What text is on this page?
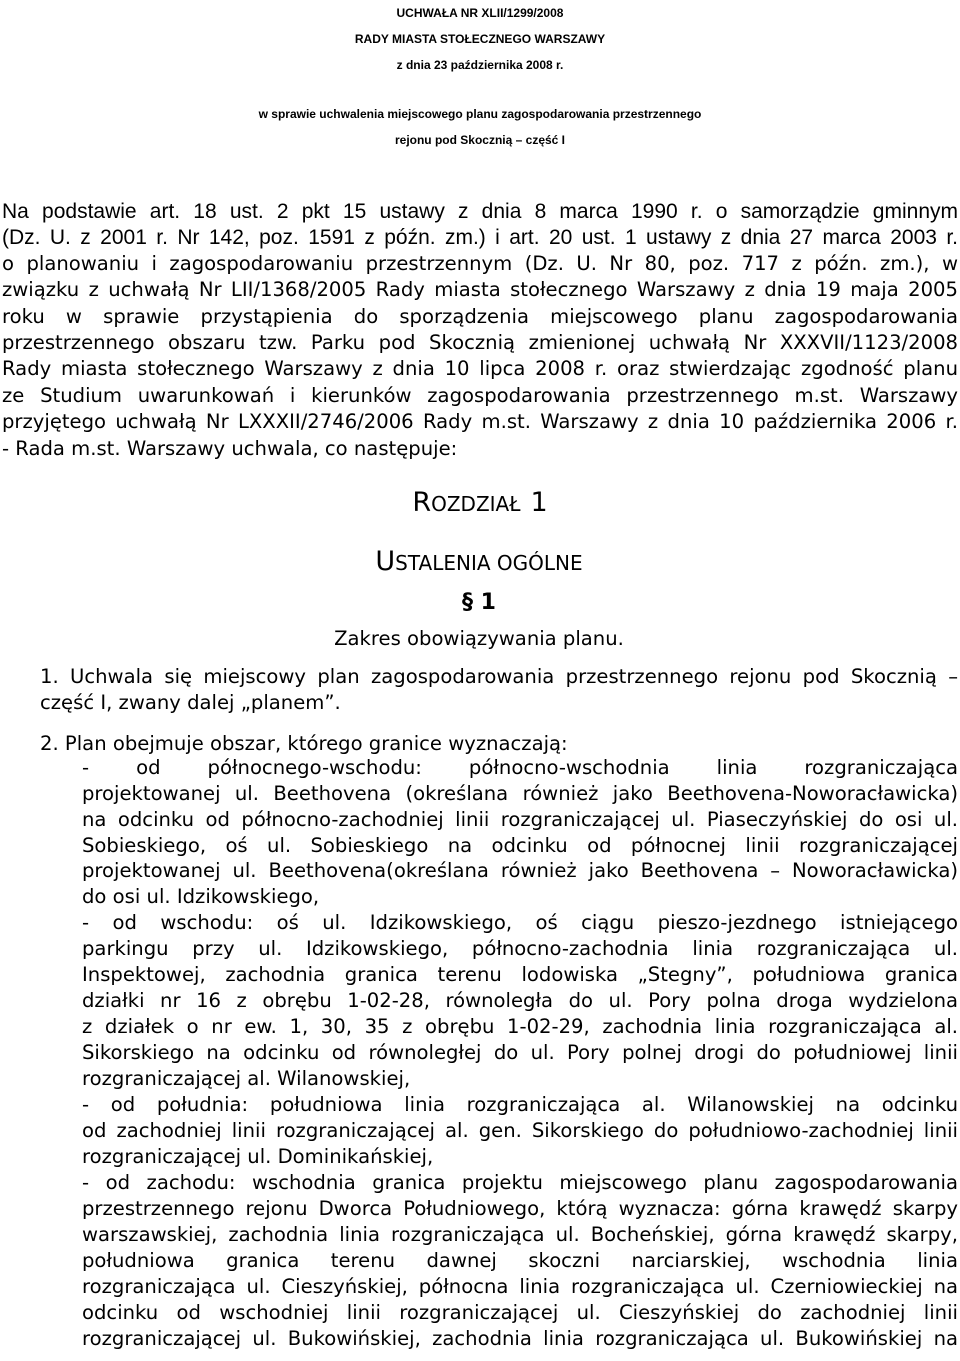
UCHWAŁA NR XLII/1299/2008
RADY MIASTA STOŁECZNEGO WARSZAWY
z dnia 23 października 2008 r.
w sprawie uchwalenia miejscowego planu zagospodarowania przestrzennego
rejonu pod Skocznią – część I
Na podstawie art. 18 ust. 2 pkt 15 ustawy z dnia 8 marca 1990 r. o samorządzie gminnym
(Dz. U. z 2001 r. Nr 142, poz. 1591 z późn. zm.) i art. 20 ust. 1 ustawy z dnia 27 marca 2003 r.
o planowaniu i zagospodarowaniu przestrzennym (Dz. U. Nr 80, poz. 717 z późn. zm.), w
związku z uchwałą Nr LII/1368/2005 Rady miasta stołecznego Warszawy z dnia 19 maja 2005
roku w sprawie przystąpienia do sporządzenia miejscowego planu zagospodarowania
przestrzennego obszaru tzw. Parku pod Skocznią zmienionej uchwałą Nr XXXVII/1123/2008
Rady miasta stołecznego Warszawy z dnia 10 lipca 2008 r. oraz stwierdzając zgodność planu
ze Studium uwarunkowań i kierunków zagospodarowania przestrzennego m.st. Warszawy
przyjętego uchwałą Nr LXXXII/2746/2006 Rady m.st. Warszawy z dnia 10 października 2006 r.
- Rada m.st. Warszawy uchwala, co następuje:
ROZDZIAŁ 1
USTALENIA OGÓLNE
§ 1
Zakres obowiązywania planu.
1. Uchwala się miejscowy plan zagospodarowania przestrzennego rejonu pod Skocznią –
część I, zwany dalej „planem”.
2. Plan obejmuje obszar, którego granice wyznaczają:
- od północnego-wschodu: północno-wschodnia linia rozgraniczająca
projektowanej ul. Beethovena (określana również jako Beethovena-Noworacławicka)
na odcinku od północno-zachodniej linii rozgraniczającej ul. Piaseczyńskiej do osi ul.
Sobieskiego, oś ul. Sobieskiego na odcinku od północnej linii rozgraniczającej
projektowanej ul. Beethovena(określana również jako Beethovena – Noworacławicka)
do osi ul. Idzikowskiego,
- od wschodu: oś ul. Idzikowskiego, oś ciągu pieszo-jezdnego istniejącego
parkingu przy ul. Idzikowskiego, północno-zachodnia linia rozgraniczająca ul.
Inspektowej, zachodnia granica terenu lodowiska „Stegny”, południowa granica
działki nr 16 z obrębu 1-02-28, równoległa do ul. Pory polna droga wydzielona
z działek o nr ew. 1, 30, 35 z obrębu 1-02-29, zachodnia linia rozgraniczająca al.
Sikorskiego na odcinku od równoległej do ul. Pory polnej drogi do południowej linii
rozgraniczającej al. Wilanowskiej,
- od południa: południowa linia rozgraniczająca al. Wilanowskiej na odcinku
od zachodniej linii rozgraniczającej al. gen. Sikorskiego do południowo-zachodniej linii
rozgraniczającej ul. Dominikańskiej,
- od zachodu: wschodnia granica projektu miejscowego planu zagospodarowania
przestrzennego rejonu Dworca Południowego, którą wyznacza: górna krawędź skarpy
warszawskiej, zachodnia linia rozgraniczająca ul. Bocheńskiej, górna krawędź skarpy,
południowa granica terenu dawnej skoczni narciarskiej, wschodnia linia
rozgraniczająca ul. Cieszyńskiej, północna linia rozgraniczająca ul. Czerniowieckiej na
odcinku od wschodniej linii rozgraniczającej ul. Cieszyńskiej do zachodniej linii
rozgraniczającej ul. Bukowińskiej, zachodnia linia rozgraniczająca ul. Bukowińskiej na
